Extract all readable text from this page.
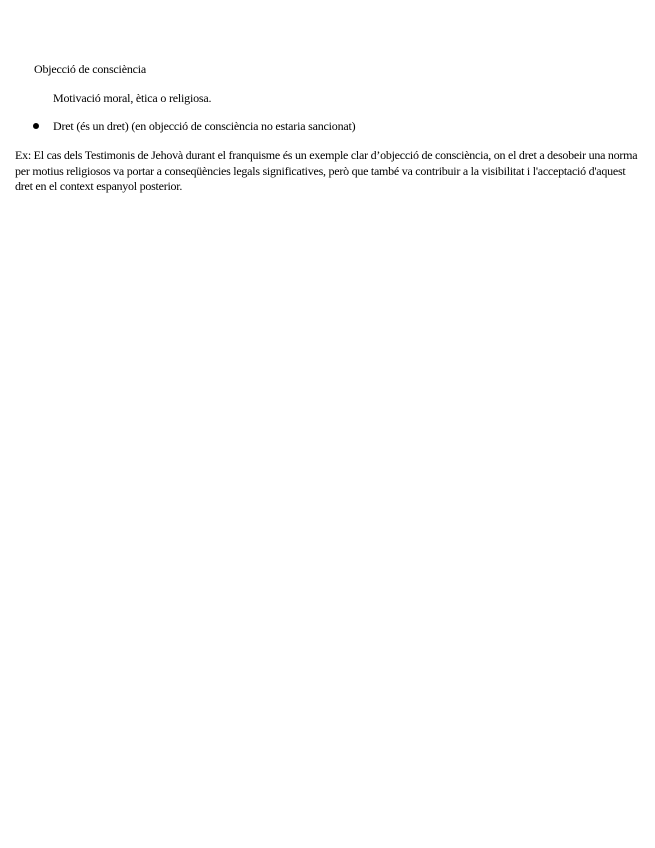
Objecció de consciència
Motivació moral, ètica o religiosa.
Dret (és un dret) (en objecció de consciència no estaria sancionat)

Ex: El cas dels Testimonis de Jehovà durant el franquisme és un exemple clar d’objecció de consciència, on el dret a desobeir una norma per motius religiosos va portar a conseqüències legals significatives, però que també va contribuir a la visibilitat i l'acceptació d'aquest dret en el context espanyol posterior.
